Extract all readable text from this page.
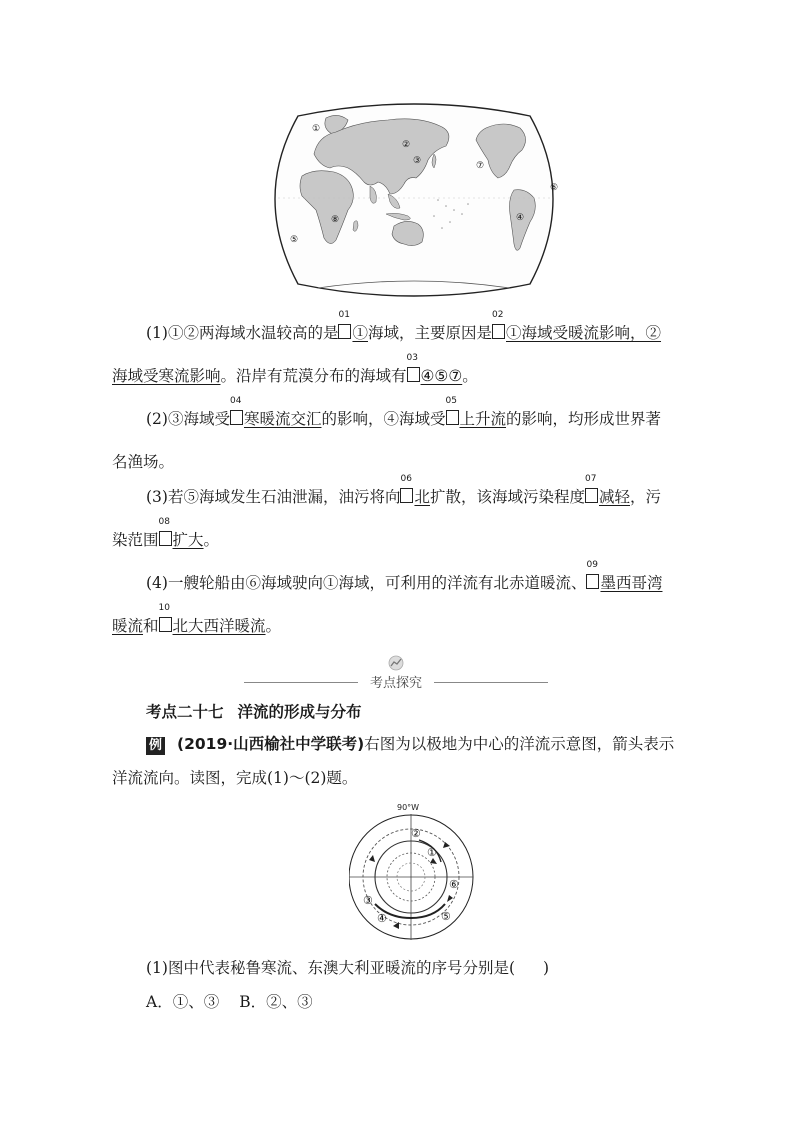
①
②
③	⑦
⑥
④
⑧
⑤
(1)①②两海域水温较高的是
01
①海域，主要原因是
02
①海域受暖流影响，②
海域受寒流影响。沿岸有荒漠分布的海域有
03
④⑤⑦。
(2)③海域受
04
寒暖流交汇的影响，④海域受
05
上升流的影响，均形成世界著
名渔场。
(3)若⑤海域发生石油泄漏，油污将向
06
北扩散，该海域污染程度
07
减轻，污
染范围
08
扩大。
(4)一艘轮船由⑥海域驶向①海域，可利用的洋流有北赤道暖流、
09
墨西哥湾
暖流和
10
北大西洋暖流。
考点探究
考点二十七 洋流的形成与分布
例 (2019·山西榆社中学联考)右图为以极地为中心的洋流示意图，箭头表示
洋流流向。读图，完成(1)～(2)题。
90°W
②
①
⑥
③
④	⑤
(1)图中代表秘鲁寒流、东澳大利亚暖流的序号分别是( )
A．①、③ B．②、③
